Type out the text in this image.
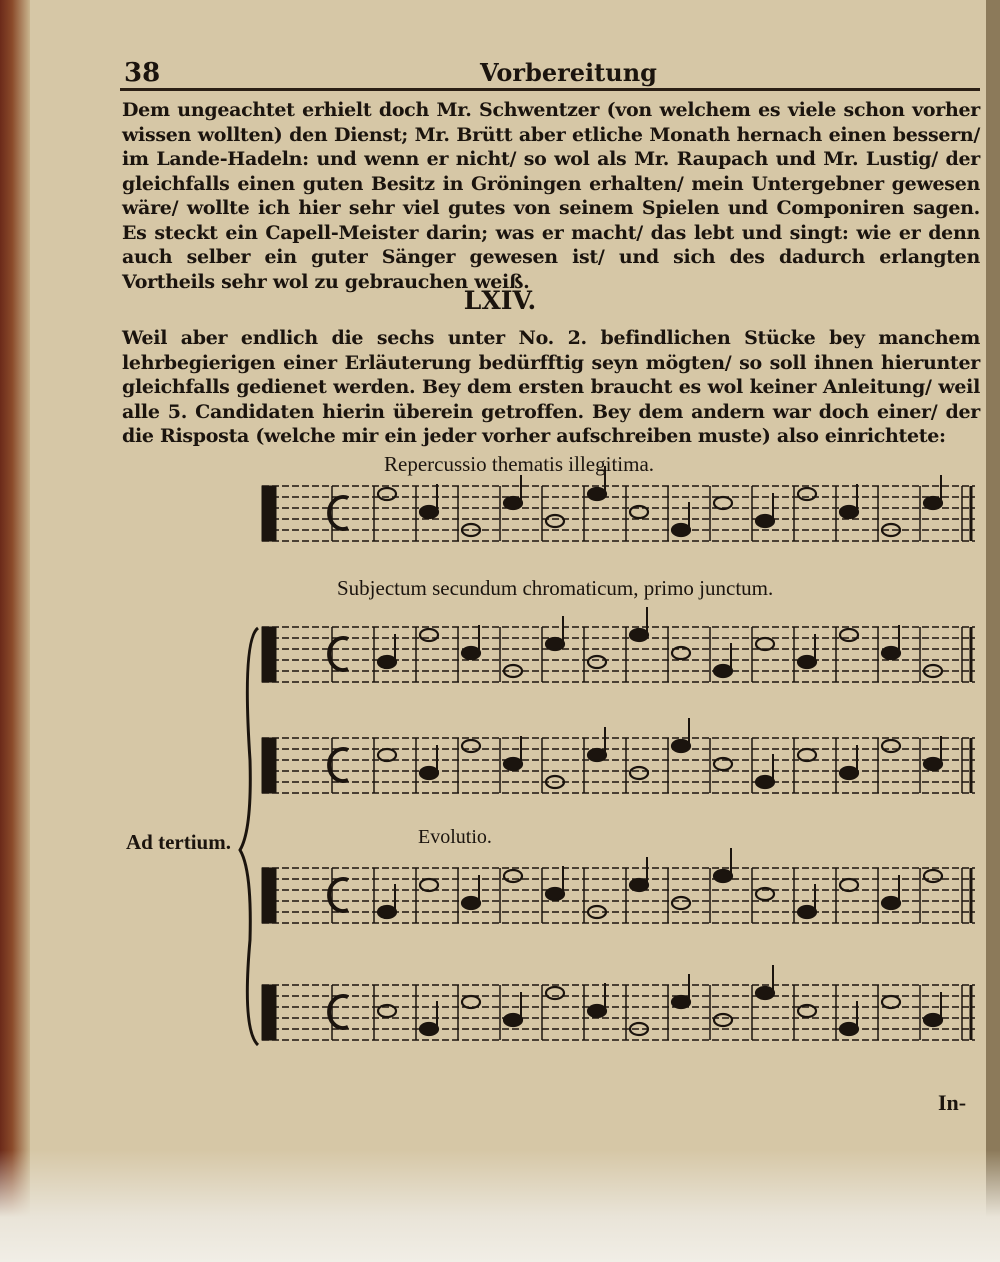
38	Vorbereitung
Dem ungeachtet erhielt doch Mr. Schwentzer (von welchem es viele schon vorher wissen wollten) den Dienst; Mr. Brütt aber etliche Monath hernach einen bessern/ im Lande-Hadeln: und wenn er nicht/ so wol als Mr. Raupach und Mr. Lustig/ der gleichfalls einen guten Besitz in Gröningen erhalten/ mein Untergebner gewesen wäre/ wollte ich hier sehr viel gutes von seinem Spielen und Componiren sagen. Es steckt ein Capell-Meister darin; was er macht/ das lebt und singt: wie er denn auch selber ein guter Sänger gewesen ist/ und sich des dadurch erlangten Vortheils sehr wol zu gebrauchen weiß.
LXIV.
Weil aber endlich die sechs unter No. 2. befindlichen Stücke bey manchem lehrbegierigen einer Erläuterung bedürfftig seyn mögten/ so soll ihnen hierunter gleichfalls gedienet werden. Bey dem ersten braucht es wol keiner Anleitung/ weil alle 5. Candidaten hierin überein getroffen. Bey dem andern war doch einer/ der die Risposta (welche mir ein jeder vorher aufschreiben muste) also einrichtete:
Repercussio thematis illegitima.
Subjectum secundum chromaticum, primo junctum.
Evolutio.
Ad tertium.
In-
